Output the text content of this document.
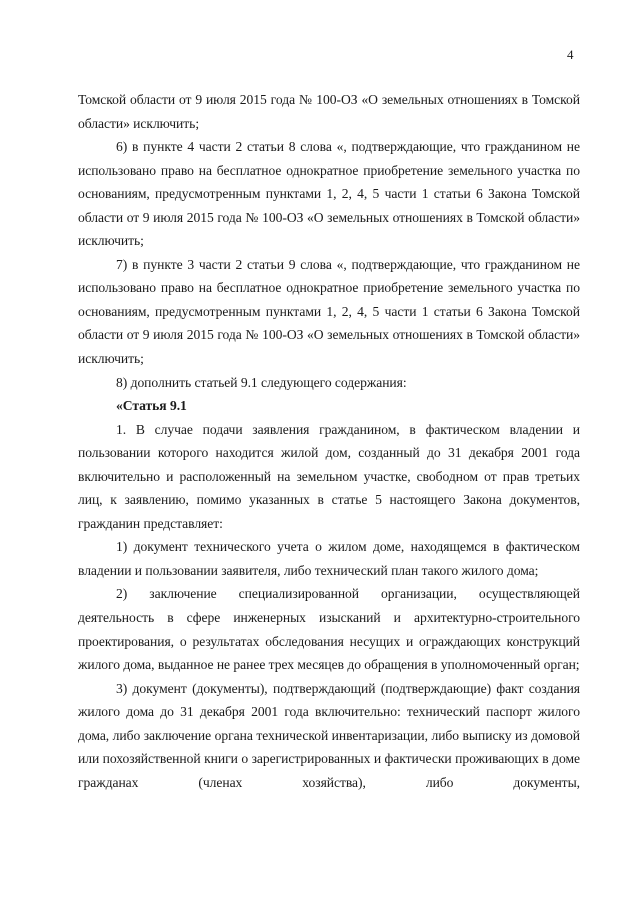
4

Томской области от 9 июля 2015 года № 100-ОЗ «О земельных отношениях в Томской области» исключить;

6) в пункте 4 части 2 статьи 8 слова «, подтверждающие, что гражданином не использовано право на бесплатное однократное приобретение земельного участка по основаниям, предусмотренным пунктами 1, 2, 4, 5 части 1 статьи 6 Закона Томской области от 9 июля 2015 года № 100-ОЗ «О земельных отношениях в Томской области» исключить;

7) в пункте 3 части 2 статьи 9 слова «, подтверждающие, что гражданином не использовано право на бесплатное однократное приобретение земельного участка по основаниям, предусмотренным пунктами 1, 2, 4, 5 части 1 статьи 6 Закона Томской области от 9 июля 2015 года № 100-ОЗ «О земельных отношениях в Томской области» исключить;

8) дополнить статьей 9.1 следующего содержания:

«Статья 9.1

1. В случае подачи заявления гражданином, в фактическом владении и пользовании которого находится жилой дом, созданный до 31 декабря 2001 года включительно и расположенный на земельном участке, свободном от прав третьих лиц, к заявлению, помимо указанных в статье 5 настоящего Закона документов, гражданин представляет:

1) документ технического учета о жилом доме, находящемся в фактическом владении и пользовании заявителя, либо технический план такого жилого дома;

2) заключение специализированной организации, осуществляющей деятельность в сфере инженерных изысканий и архитектурно-строительного проектирования, о результатах обследования несущих и ограждающих конструкций жилого дома, выданное не ранее трех месяцев до обращения в уполномоченный орган;

3) документ (документы), подтверждающий (подтверждающие) факт создания жилого дома до 31 декабря 2001 года включительно: технический паспорт жилого дома, либо заключение органа технической инвентаризации, либо выписку из домовой или похозяйственной книги о зарегистрированных и фактически проживающих в доме гражданах (членах хозяйства), либо документы,
